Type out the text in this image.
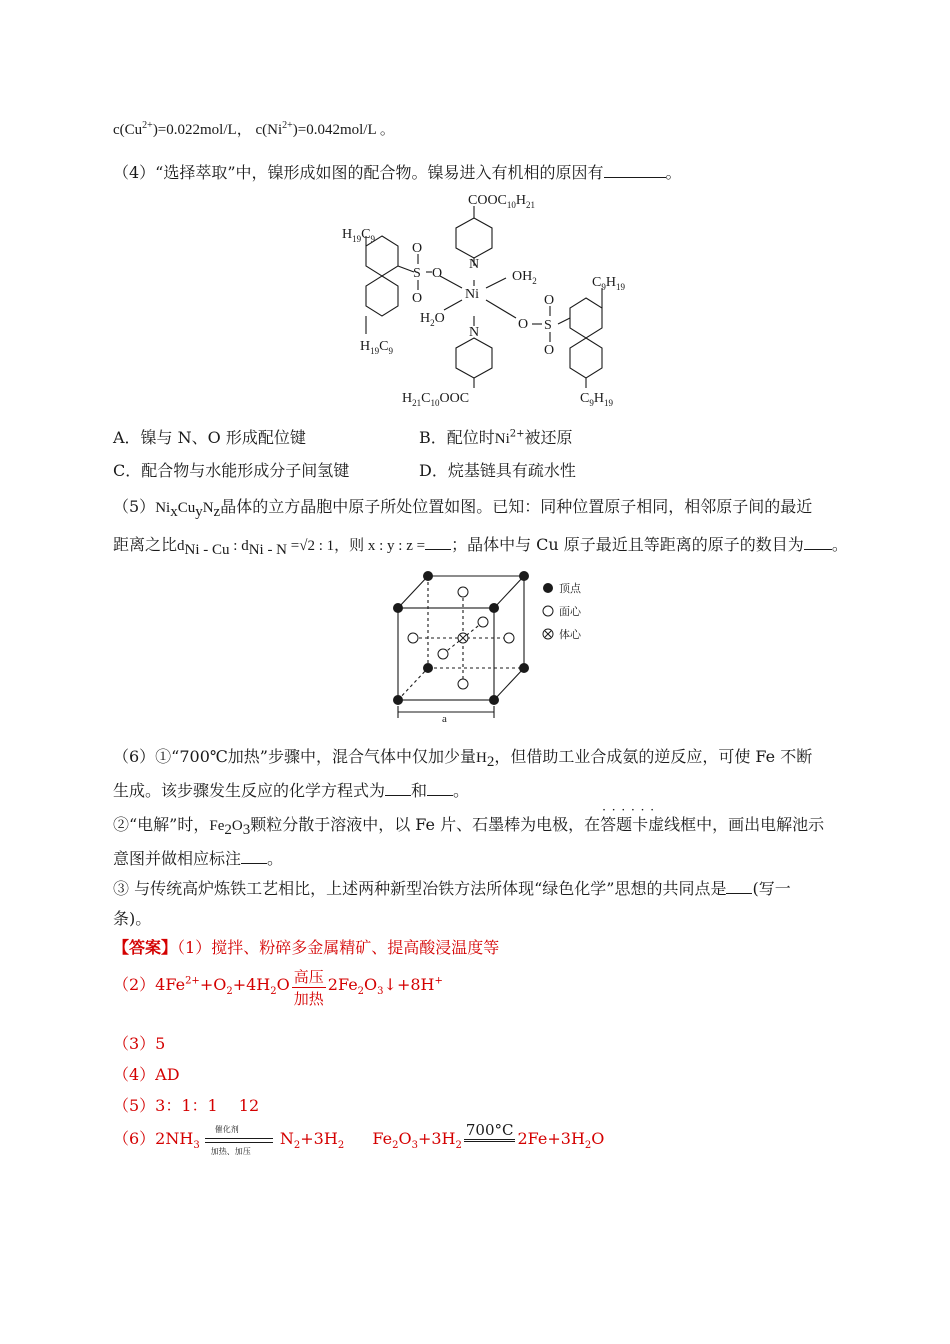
$c(Cu^{2+})=0.022mol/L$， $c(Ni^{2+})=0.042mol/L$ 。
（4）“选择萃取”中，镍形成如图的配合物。镍易进入有机相的原因有	。
$COOC_{10}H_{21}$
N
Ni
N
$OH_2$
$H_2O$
$H_{19}C_9$
$H_{19}C_9$
O
S
O
O
O S
O
O
$C_9H_{19}$
$C_9H_{19}$
$H_{21}C_{10}OOC$
A．镍与 N、O 形成配位键	B．配位时$Ni^{2+}$被还原
C．配合物与水能形成分子间氢键	D．烷基链具有疏水性
$(5)Ni_xCu_yN_z$晶体的立方晶胞中原子所处位置如图。已知：同种位置原子相同，相邻原子间的最近
距离之比$d_{Ni - Cu}$ : $d_{Ni - N} =√2$ : 1，则 x : y : z = ；晶体中与 Cu 原子最近且等距离的原子的数目为 。
a
顶点
面心
体心
（6）①“700℃加热”步骤中，混合气体中仅加少量$H_2$，但借助工业合成氨的逆反应，可使 Fe 不断
生成。该步骤发生反应的化学方程式为 和 。
②“电解”时，$Fe_2O_3$颗粒分散于溶液中，以 Fe 片、石墨棒为电极，在答题卡虚线框 · · ·中，画出电解池示
意图并做相应标注 。
③ 与传统高炉炼铁工艺相比，上述两种新型冶铁方法所体现“绿色化学”思想的共同点是 (写一
条)。
【答案】（1）搅拌、粉碎多金属精矿、提高酸浸温度等
$(2)4Fe^{2+}+O_2+4H_2O \frac{\text{高压}}{\text{加热}}$ $2Fe_2O_3↓+8H^+$
（3）5
（4）AD
（5）3：1：1　 12
$(6)2NH_3$
催化剂
加热、加压
$N_2+3H_2$ $Fe_2O_3+3H_2$
700°C $2Fe+3H_2O$
